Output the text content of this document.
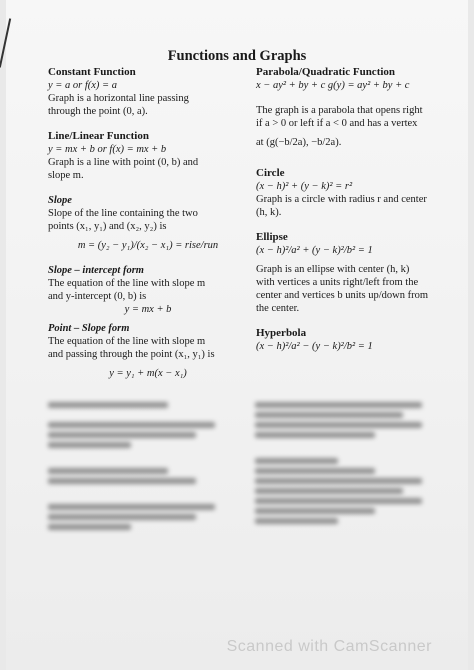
Functions and Graphs

Constant Function

y = a or f(x) = a

Graph is a horizontal line passing

through the point (0, a).

Line/Linear Function

y = mx + b or f(x) = mx + b

Graph is a line with point (0, b) and

slope m.

Slope

Slope of the line containing the two

points (x₁, y₁) and (x₂, y₂) is

m = (y₂ − y₁)/(x₂ − x₁) = rise/run

Slope – intercept form

The equation of the line with slope m

and y-intercept (0, b) is

y = mx + b

Point – Slope form

The equation of the line with slope m

and passing through the point (x₁, y₁) is

y = y₁ + m(x − x₁)

Parabola/Quadratic Function

x − ay² + by + c g(y) = ay² + by + c

The graph is a parabola that opens right

if a > 0 or left if a < 0 and has a vertex

at (g(−b/2a), −b/2a).

Circle

(x − h)² + (y − k)² = r²

Graph is a circle with radius r and center

(h, k).

Ellipse

(x − h)²/a² + (y − k)²/b² = 1

Graph is an ellipse with center (h, k)

with vertices a units right/left from the

center and vertices b units up/down from

the center.

Hyperbola

(x − h)²/a² − (y − k)²/b² = 1

Scanned with CamScanner
